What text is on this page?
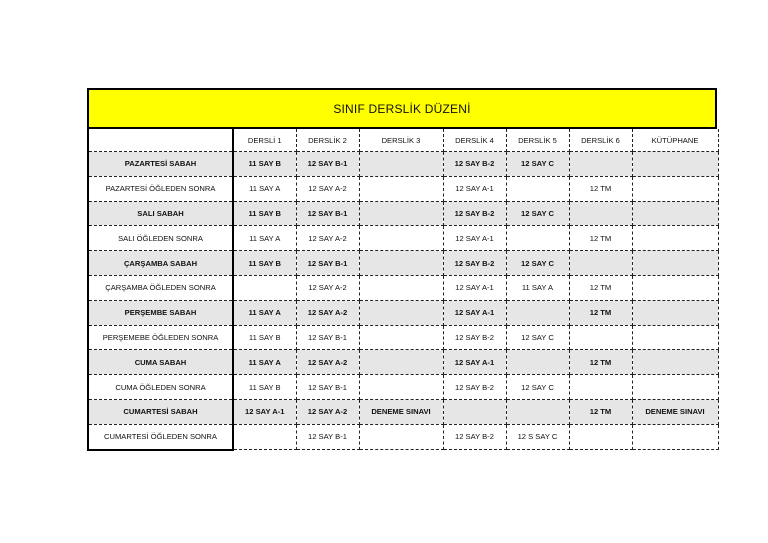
SINIF DERSLİK DÜZENİ
	DERSLİ 1	DERSLİK 2	DERSLİK 3	DERSLİK 4	DERSLİK 5	DERSLİK 6	KÜTÜPHANE
PAZARTESİ SABAH	11 SAY B	12 SAY B-1		12 SAY B-2	12 SAY C		
PAZARTESİ ÖĞLEDEN SONRA	11 SAY A	12 SAY A-2		12 SAY A-1		12 TM	
SALI SABAH	11 SAY B	12 SAY B-1		12 SAY B-2	12 SAY C		
SALI ÖĞLEDEN SONRA	11 SAY A	12 SAY A-2		12 SAY A-1		12 TM	
ÇARŞAMBA SABAH	11 SAY B	12 SAY B-1		12 SAY B-2	12 SAY C		
ÇARŞAMBA ÖĞLEDEN SONRA		12 SAY A-2		12 SAY A-1	11 SAY A	12 TM	
PERŞEMBE SABAH	11 SAY A	12 SAY A-2		12 SAY A-1		12 TM	
PERŞEMEBE ÖĞLEDEN SONRA	11 SAY B	12 SAY B-1		12 SAY B-2	12 SAY C		
CUMA SABAH	11 SAY A	12 SAY A-2		12 SAY A-1		12 TM	
CUMA ÖĞLEDEN SONRA	11 SAY B	12 SAY B-1		12 SAY B-2	12 SAY C		
CUMARTESİ SABAH	12 SAY A-1	12 SAY A-2	DENEME SINAVI			12 TM	DENEME SINAVI
CUMARTESİ ÖĞLEDEN SONRA		12 SAY B-1		12 SAY B-2	12 S SAY C		
